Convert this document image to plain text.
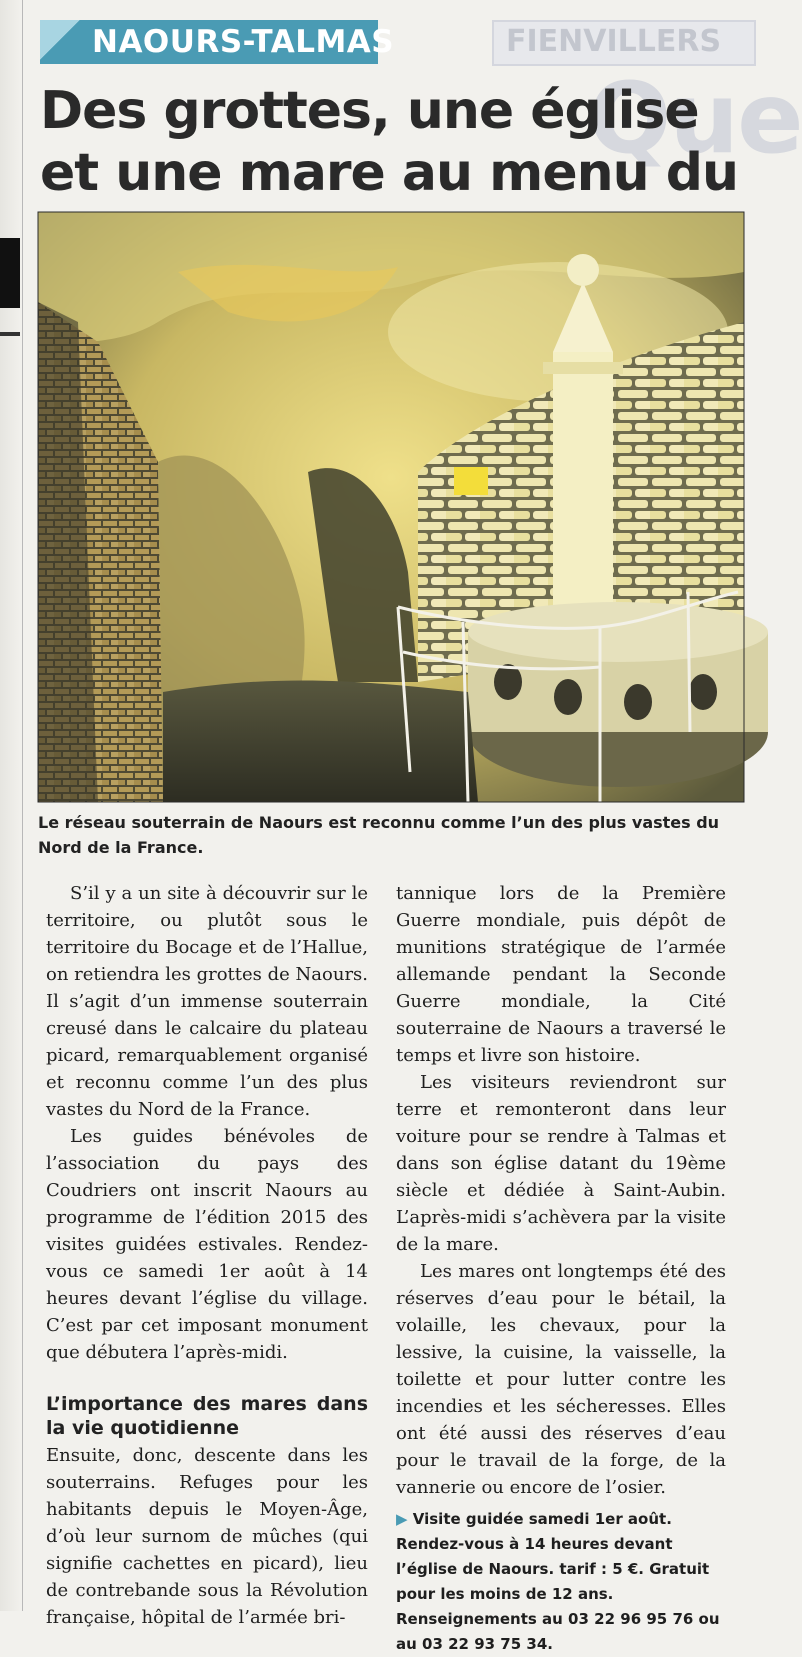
FIENVILLERS
Que
NAOURS-TALMAS
Des grottes, une église et une mare au menu du
Le réseau souterrain de Naours est reconnu comme l’un des plus vastes du Nord de la France.

S’il y a un site à découvrir sur le territoire, ou plutôt sous le territoire du Bocage et de l’Hallue, on retiendra les grottes de Naours. Il s’agit d’un immense souterrain creusé dans le calcaire du plateau picard, remarquablement organisé et reconnu comme l’un des plus vastes du Nord de la France.

Les guides bénévoles de l’association du pays des Coudriers ont inscrit Naours au programme de l’édition 2015 des visites guidées estivales. Rendez-vous ce samedi 1er août à 14 heures devant l’église du village. C’est par cet imposant monument que débutera l’après-midi.

L’importance des mares dans la vie quotidienne

Ensuite, donc, descente dans les souterrains. Refuges pour les habitants depuis le Moyen-Âge, d’où leur surnom de mûches (qui signifie cachettes en picard), lieu de contrebande sous la Révolution française, hôpital de l’armée bri-

tannique lors de la Première Guerre mondiale, puis dépôt de munitions stratégique de l’armée allemande pendant la Seconde Guerre mondiale, la Cité souterraine de Naours a traversé le temps et livre son histoire.

Les visiteurs reviendront sur terre et remonteront dans leur voiture pour se rendre à Talmas et dans son église datant du 19ème siècle et dédiée à Saint-Aubin. L’après-midi s’achèvera par la visite de la mare.

Les mares ont longtemps été des réserves d’eau pour le bétail, la volaille, les chevaux, pour la lessive, la cuisine, la vaisselle, la toilette et pour lutter contre les incendies et les sécheresses. Elles ont été aussi des réserves d’eau pour le travail de la forge, de la vannerie ou encore de l’osier.

▶ Visite guidée samedi 1er août. Rendez-vous à 14 heures devant l’église de Naours. tarif : 5 €. Gratuit pour les moins de 12 ans. Renseignements au 03 22 96 95 76 ou au 03 22 93 75 34.
